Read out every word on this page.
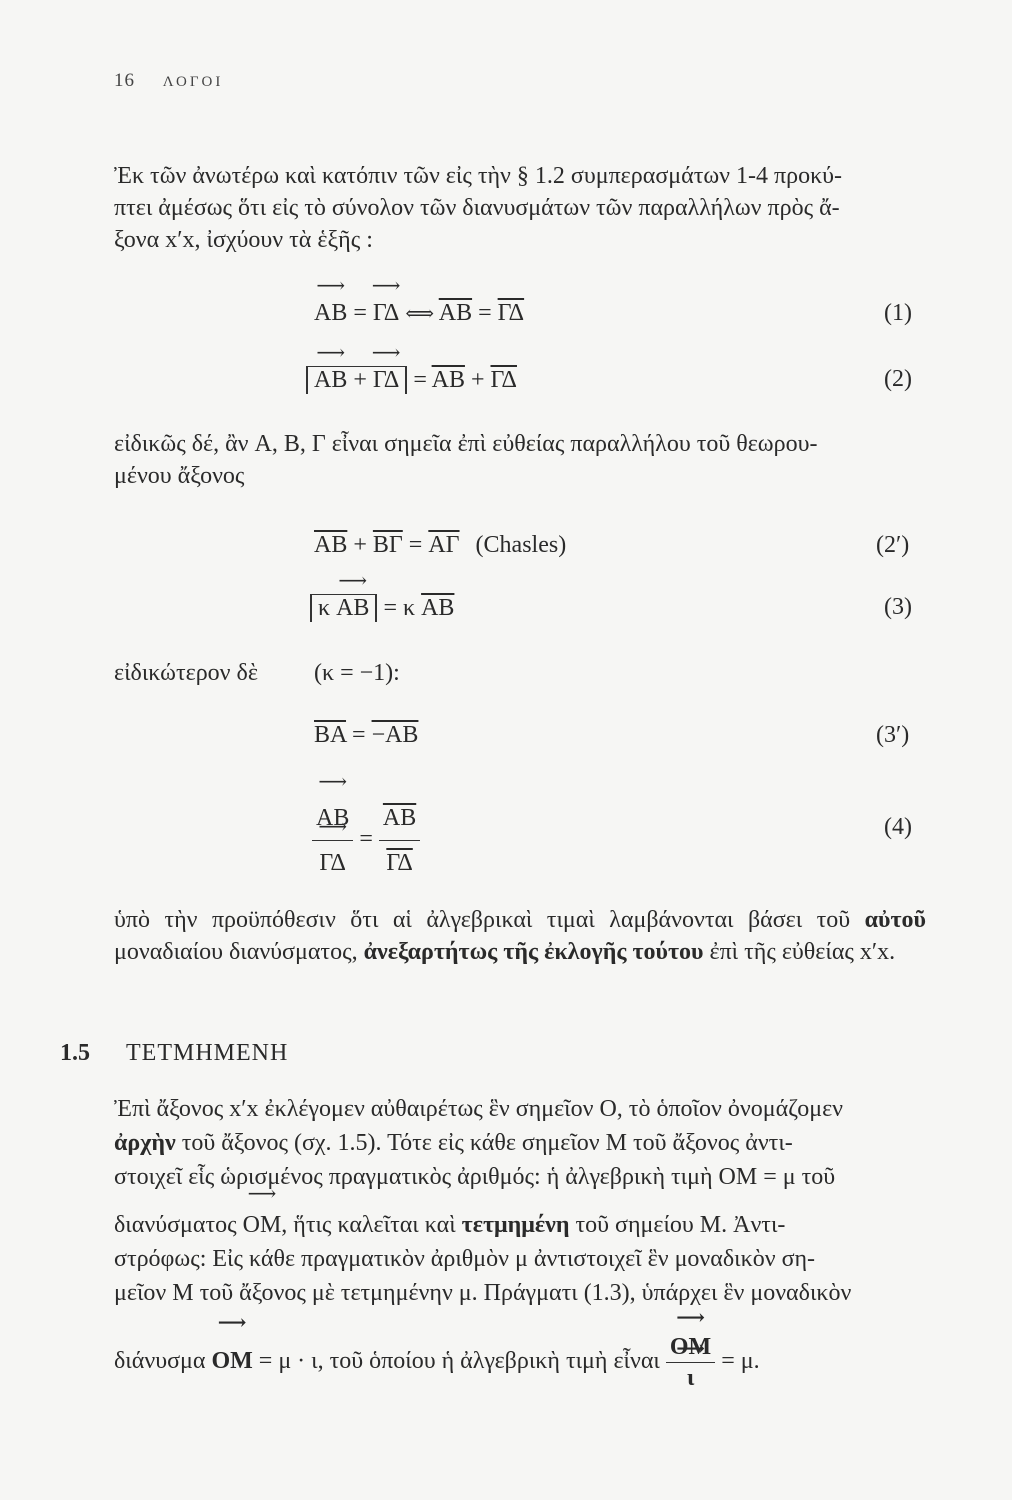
16 ΛΟΓΟΙ

Ἐκ τῶν ἀνωτέρω καὶ κατόπιν τῶν εἰς τὴν § 1.2 συμπερασμάτων 1-4 προκύ-

πτει ἀμέσως ὅτι εἰς τὸ σύνολον τῶν διανυσμάτων τῶν παραλλήλων πρὸς ἄ-

ξονα x′x, ἰσχύουν τὰ ἑξῆς :

⟶ AB = ⟶ ΓΔ ⟺ $\overline{AB} = \overline{\Gamma\Delta}$	(1)
⟶ AB + ⟶ $\Gamma\Delta = \overline{AB} + \overline{\Gamma\Delta}$	(2)

εἰδικῶς δέ, ἂν A, B, Γ εἶναι σημεῖα ἐπὶ εὐθείας παραλλήλου τοῦ θεωρου-

μένου ἄξονος

$\overline{AB} + \overline{B\Gamma} = \overline{A\Gamma}$ (Chasles)	(2′)
κ ⟶ AB = κ $\overline{AB}$	(3)
εἰδικώτερον δὲ (κ = −1):
$\overline{BA} = -AB$	(3′)
⟶ AB
⟶ $\Gamma\Delta = \frac{\overline{AB}}{\Gamma\Delta}$	(4)

ὑπὸ τὴν προϋπόθεσιν ὅτι αἱ ἀλγεβρικαὶ τιμαὶ λαμβάνονται βάσει τοῦ αὐτοῦ μοναδιαίου διανύσματος, ἀνεξαρτήτως τῆς ἐκλογῆς τούτου ἐπὶ τῆς εὐθείας x′x.

1.5 ΤΕΤΜΗΜΕΝΗ

Ἐπὶ ἄξονος x′x ἐκλέγομεν αὐθαιρέτως ἓν σημεῖον O, τὸ ὁποῖον ὀνομάζομεν

ἀρχὴν τοῦ ἄξονος (σχ. 1.5). Τότε εἰς κάθε σημεῖον M τοῦ ἄξονος ἀντι-

στοιχεῖ εἷς ὡρισμένος πραγματικὸς ἀριθμός: ἡ ἀλγεβρικὴ τιμὴ OM = μ τοῦ

διανύσματος ⟶ OM, ἥτις καλεῖται καὶ τετμημένη τοῦ σημείου M. Ἀντι-

στρόφως: Εἰς κάθε πραγματικὸν ἀριθμὸν μ ἀντιστοιχεῖ ἓν μοναδικὸν ση-

μεῖον M τοῦ ἄξονος μὲ τετμημένην μ. Πράγματι (1.3), ὑπάρχει ἓν μοναδικὸν

διάνυσμα ⟶ OM = μ · ι, τοῦ ὁποίου ἡ ἀλγεβρικὴ τιμὴ εἶναι ⟶ OM
⟶ ι = μ.
